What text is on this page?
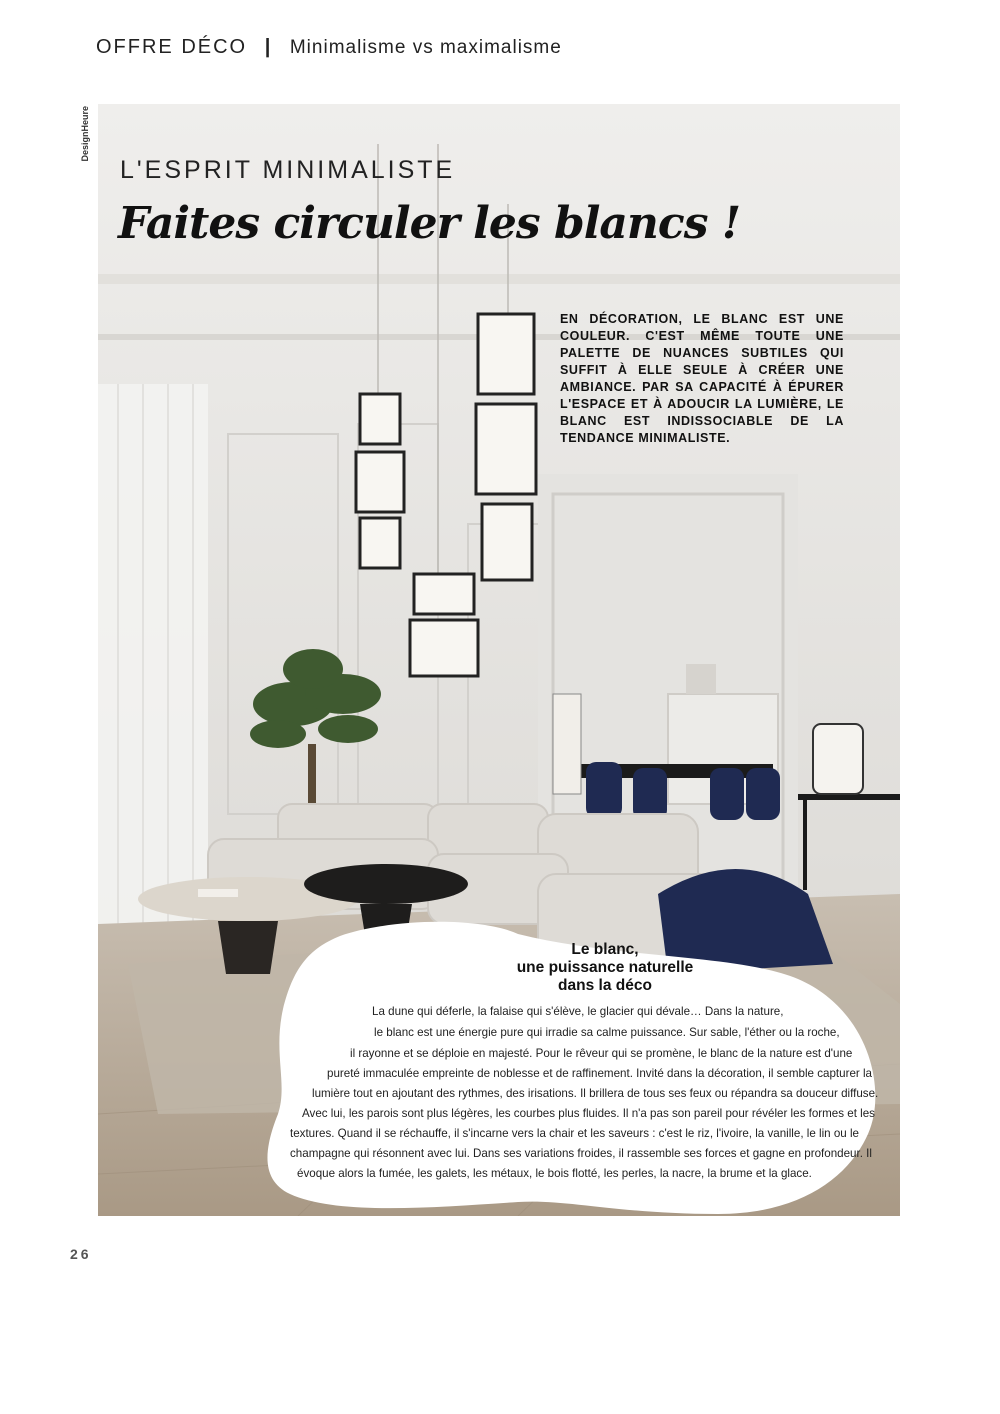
OFFRE DÉCO | Minimalisme vs maximalisme
DesignHeure
L'ESPRIT MINIMALISTE
Faites circuler les blancs !
EN DÉCORATION, LE BLANC EST UNE COULEUR. C'EST MÊME TOUTE UNE PALETTE DE NUANCES SUBTILES QUI SUFFIT À ELLE SEULE À CRÉER UNE AMBIANCE. PAR SA CAPACITÉ À ÉPURER L'ESPACE ET À ADOUCIR LA LUMIÈRE, LE BLANC EST INDISSOCIABLE DE LA TENDANCE MINIMALISTE.
Le blanc,
une puissance naturelle
dans la déco
La dune qui déferle, la falaise qui s'élève, le glacier qui dévale… Dans la nature,
le blanc est une énergie pure qui irradie sa calme puissance. Sur sable, l'éther ou la roche,
il rayonne et se déploie en majesté. Pour le rêveur qui se promène, le blanc de la nature est d'une
pureté immaculée empreinte de noblesse et de raffinement. Invité dans la décoration, il semble capturer la
lumière tout en ajoutant des rythmes, des irisations. Il brillera de tous ses feux ou répandra sa douceur diffuse.
Avec lui, les parois sont plus légères, les courbes plus fluides. Il n'a pas son pareil pour révéler les formes et les
textures. Quand il se réchauffe, il s'incarne vers la chair et les saveurs : c'est le riz, l'ivoire, la vanille, le lin ou le
champagne qui résonnent avec lui. Dans ses variations froides, il rassemble ses forces et gagne en profondeur. Il
évoque alors la fumée, les galets, les métaux, le bois flotté, les perles, la nacre, la brume et la glace.
26
